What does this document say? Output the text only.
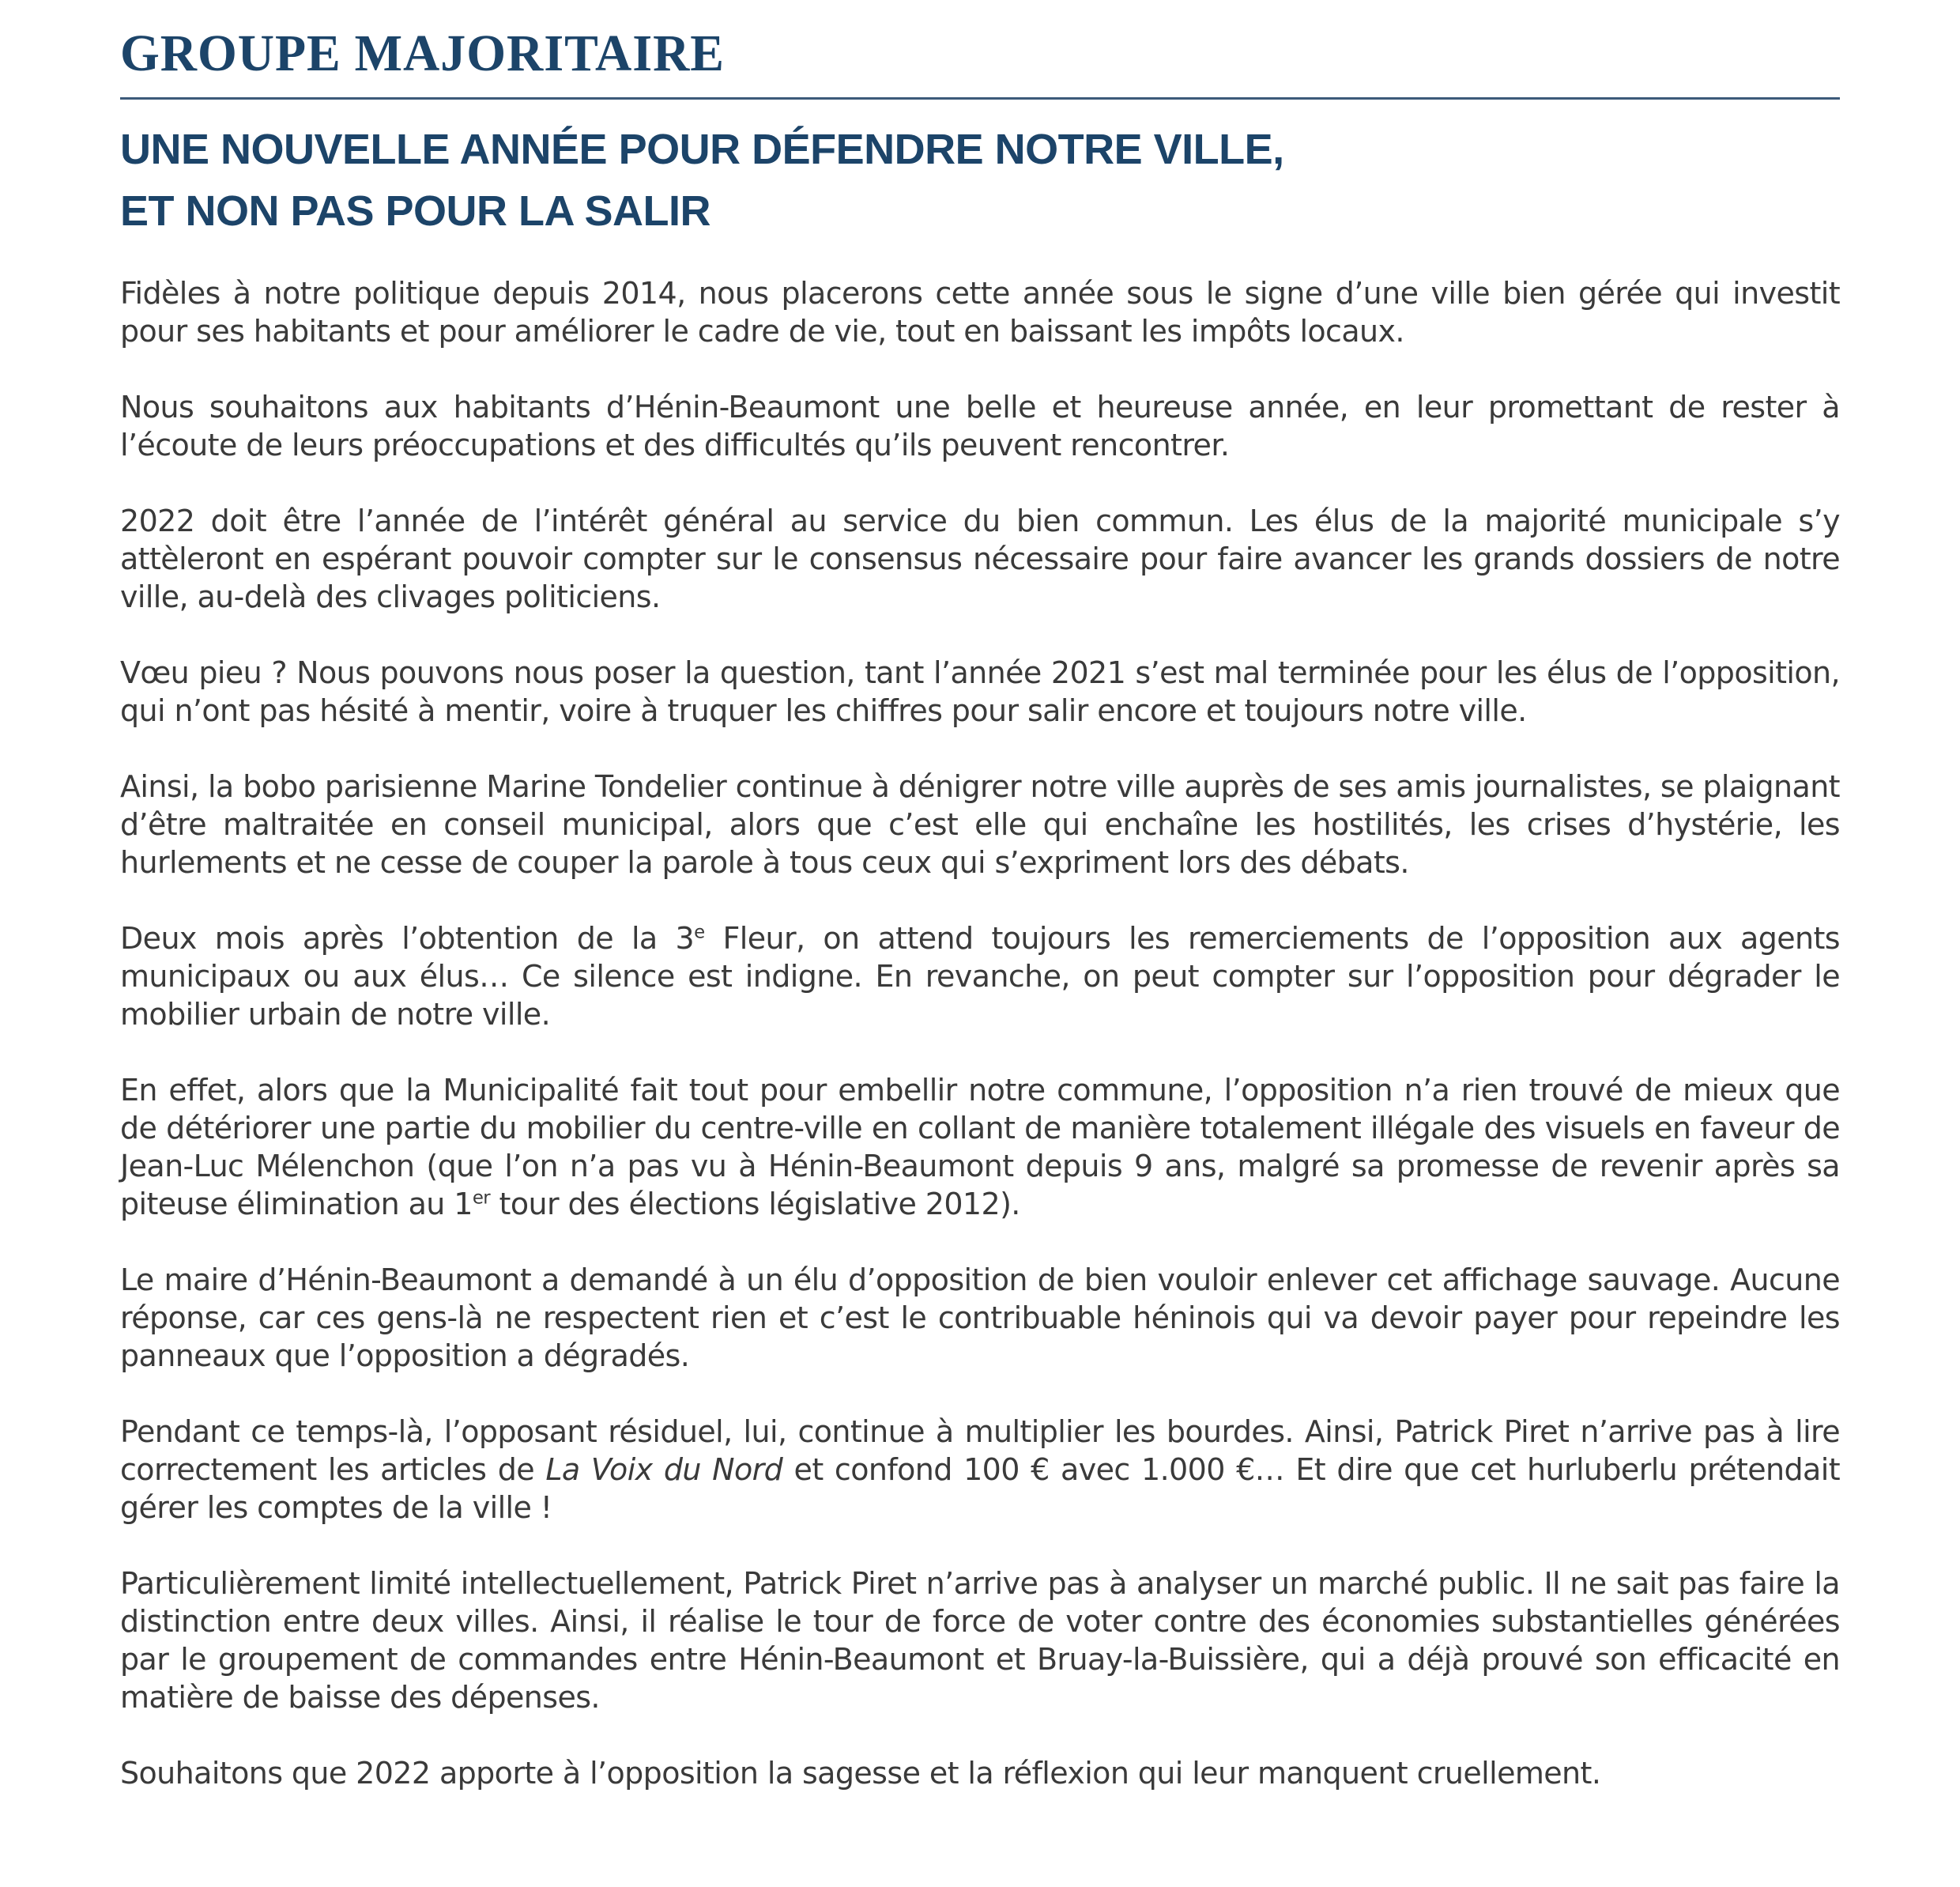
GROUPE MAJORITAIRE
UNE NOUVELLE ANNÉE POUR DÉFENDRE NOTRE VILLE,
ET NON PAS POUR LA SALIR

Fidèles à notre politique depuis 2014, nous placerons cette année sous le signe d’une ville bien gérée qui investit pour ses habitants et pour améliorer le cadre de vie, tout en baissant les impôts locaux.

Nous souhaitons aux habitants d’Hénin-Beaumont une belle et heureuse année, en leur promettant de rester à l’écoute de leurs préoccupations et des difficultés qu’ils peuvent rencontrer.

2022 doit être l’année de l’intérêt général au service du bien commun. Les élus de la majorité municipale s’y attèleront en espérant pouvoir compter sur le consensus nécessaire pour faire avancer les grands dossiers de notre ville, au-delà des clivages politiciens.

Vœu pieu ? Nous pouvons nous poser la question, tant l’année 2021 s’est mal terminée pour les élus de l’opposition, qui n’ont pas hésité à mentir, voire à truquer les chiffres pour salir encore et toujours notre ville.

Ainsi, la bobo parisienne Marine Tondelier continue à dénigrer notre ville auprès de ses amis journalistes, se plaignant d’être maltraitée en conseil municipal, alors que c’est elle qui enchaîne les hostilités, les crises d’hystérie, les hurlements et ne cesse de couper la parole à tous ceux qui s’expriment lors des débats.

Deux mois après l’obtention de la 3e Fleur, on attend toujours les remerciements de l’opposition aux agents municipaux ou aux élus… Ce silence est indigne. En revanche, on peut compter sur l’opposition pour dégrader le mobilier urbain de notre ville.

En effet, alors que la Municipalité fait tout pour embellir notre commune, l’opposition n’a rien trouvé de mieux que de détériorer une partie du mobilier du centre-ville en collant de manière totalement illégale des visuels en faveur de Jean-Luc Mélenchon (que l’on n’a pas vu à Hénin-Beaumont depuis 9 ans, malgré sa promesse de revenir après sa piteuse élimination au 1er tour des élections législative 2012).

Le maire d’Hénin-Beaumont a demandé à un élu d’opposition de bien vouloir enlever cet affichage sauvage. Aucune réponse, car ces gens-là ne respectent rien et c’est le contribuable héninois qui va devoir payer pour repeindre les panneaux que l’opposition a dégradés.

Pendant ce temps-là, l’opposant résiduel, lui, continue à multiplier les bourdes. Ainsi, Patrick Piret n’arrive pas à lire correctement les articles de La Voix du Nord et confond 100 € avec 1.000 €… Et dire que cet hurluberlu prétendait gérer les comptes de la ville !

Particulièrement limité intellectuellement, Patrick Piret n’arrive pas à analyser un marché public. Il ne sait pas faire la distinction entre deux villes. Ainsi, il réalise le tour de force de voter contre des économies substantielles générées par le groupement de commandes entre Hénin-Beaumont et Bruay-la-Buissière, qui a déjà prouvé son efficacité en matière de baisse des dépenses.

Souhaitons que 2022 apporte à l’opposition la sagesse et la réflexion qui leur manquent cruellement.
